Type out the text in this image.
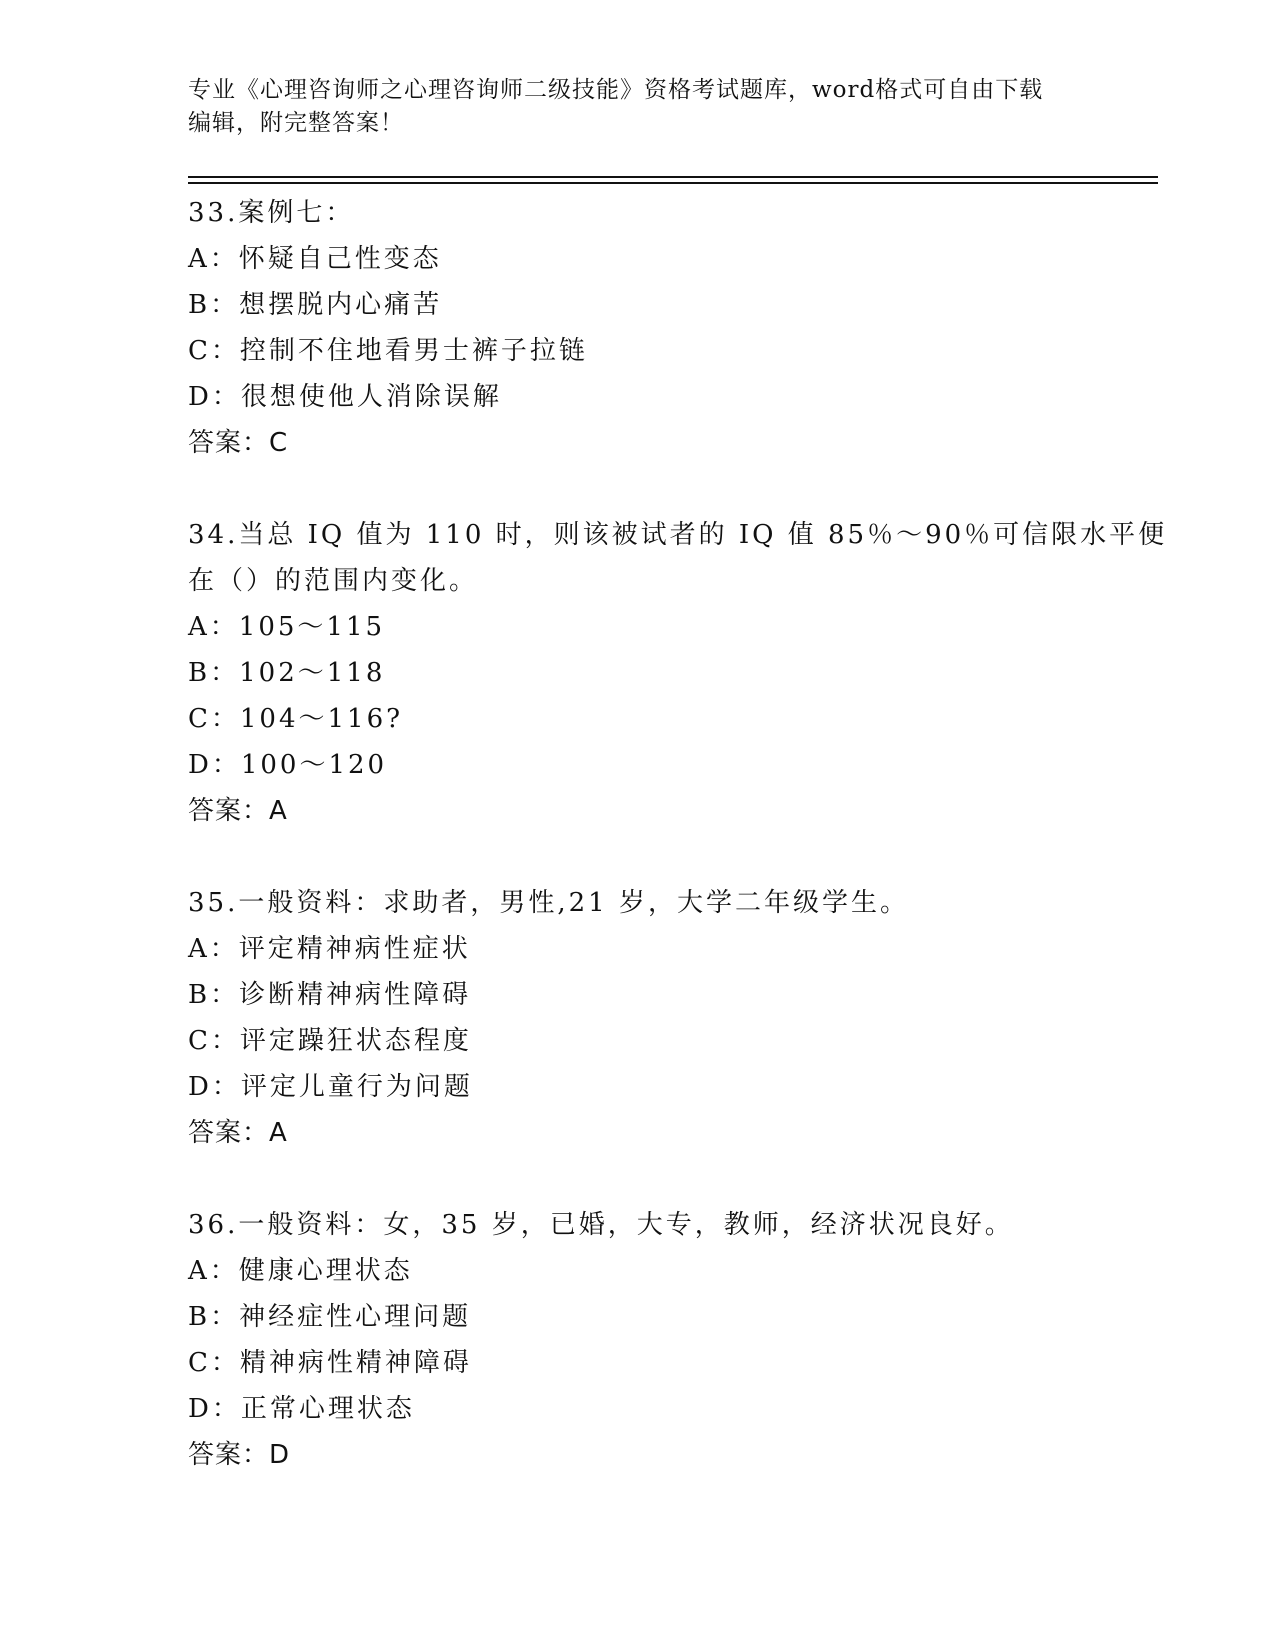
专业《心理咨询师之心理咨询师二级技能》资格考试题库，word格式可自由下载
编辑，附完整答案！
33.案例七：
A：怀疑自己性变态
B：想摆脱内心痛苦
C：控制不住地看男士裤子拉链
D：很想使他人消除误解
答案：C
34.当总 IQ 值为 110 时，则该被试者的 IQ 值 85％～90％可信限水平便
在（）的范围内变化。
A：105～115
B：102～118
C：104～116?
D：100～120
答案：A
35.一般资料：求助者，男性,21 岁，大学二年级学生。
A：评定精神病性症状
B：诊断精神病性障碍
C：评定躁狂状态程度
D：评定儿童行为问题
答案：A
36.一般资料：女，35 岁，已婚，大专，教师，经济状况良好。
A：健康心理状态
B：神经症性心理问题
C：精神病性精神障碍
D：正常心理状态
答案：D
